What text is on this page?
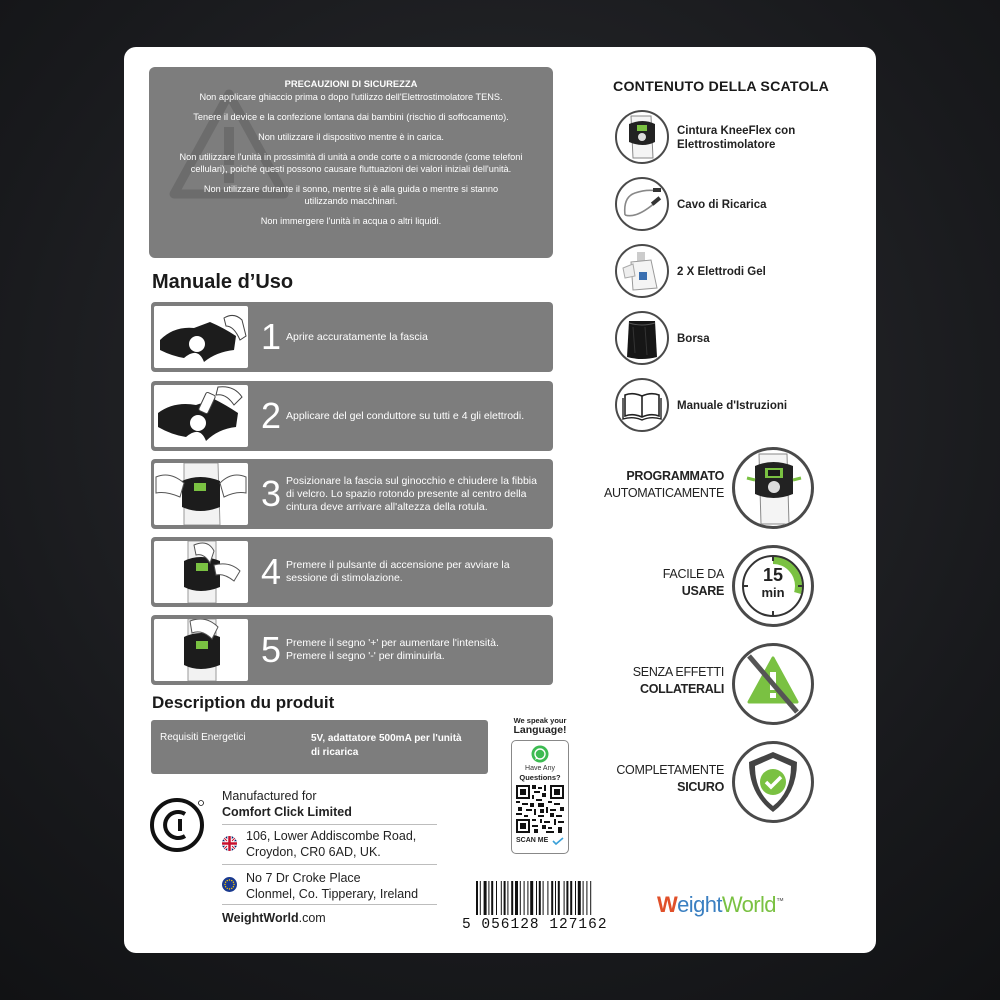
PRECAUZIONI DI SICUREZZA

Non applicare ghiaccio prima o dopo l'utilizzo dell'Elettrostimolatore TENS.

Tenere il device e la confezione lontana dai bambini (rischio di soffocamento).

Non utilizzare il dispositivo mentre è in carica.

Non utilizzare l'unità in prossimità di unità a onde corte o a microonde (come telefoni cellulari), poiché questi possono causare fluttuazioni dei valori iniziali dell'unità.

Non utilizzare durante il sonno, mentre si è alla guida o mentre si stanno utilizzando macchinari.

Non immergere l'unità in acqua o altri liquidi.

Manuale d’Uso
1 Aprire accuratamente la fascia
2 Applicare del gel conduttore su tutti e 4 gli elettrodi.
3 Posizionare la fascia sul ginocchio e chiudere la fibbia di velcro. Lo spazio rotondo presente al centro della cintura deve arrivare all'altezza della rotula.
4 Premere il pulsante di accensione per avviare la sessione di stimolazione.
5 Premere il segno '+' per aumentare l'intensità. Premere il segno '-' per diminuirla.
Description du produit
Requisiti Energetici	5V, adattatore 500mA per l'unità di ricarica
We speak your
Language!
Have Any
Questions?
SCAN ME
Manufactured for
Comfort Click Limited
106, Lower Addiscombe Road,
Croydon, CR0 6AD, UK.
No 7 Dr Croke Place
Clonmel, Co. Tipperary, Ireland
WeightWorld.com	5 056128 127162
WeightWorld™
CONTENUTO DELLA SCATOLA
Cintura KneeFlex con Elettrostimolatore
Cavo di Ricarica
2 X Elettrodi Gel
Borsa
Manuale d'Istruzioni
PROGRAMMATO
AUTOMATICAMENTE
FACILE DA
USARE
15
min
SENZA EFFETTI
COLLATERALI
COMPLETAMENTE
SICURO
